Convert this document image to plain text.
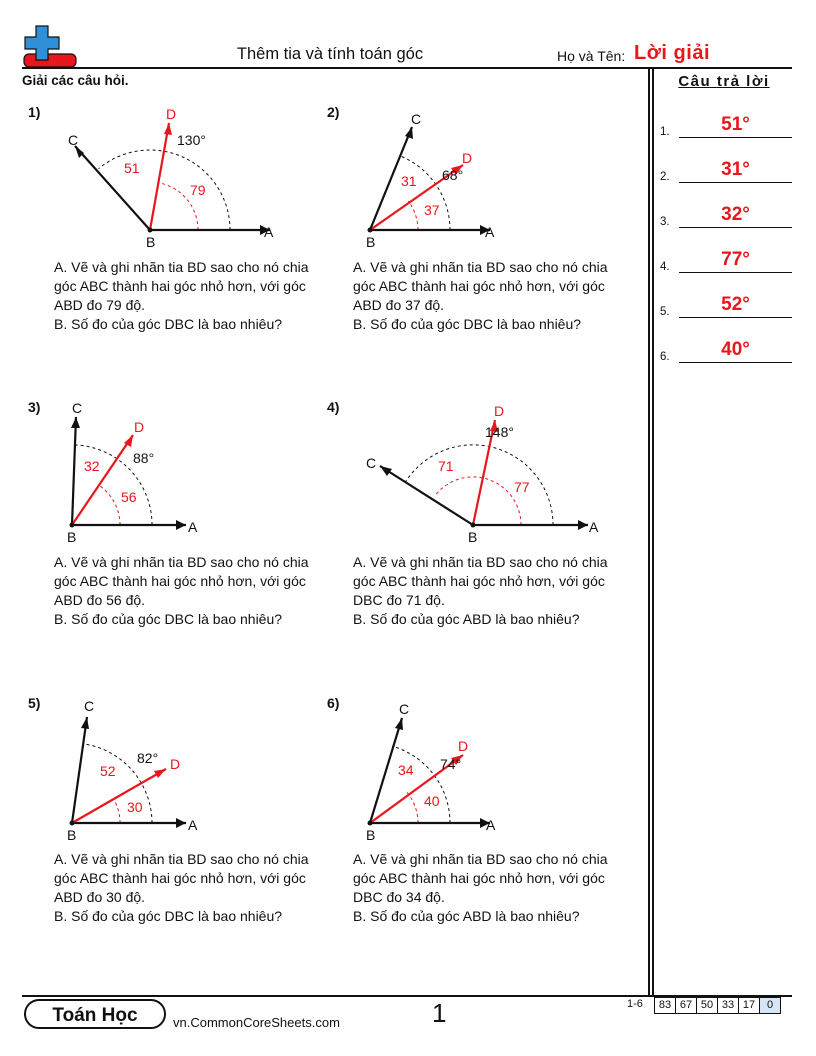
Thêm tia và tính toán góc	Họ và Tên: Lời giải
Giải các câu hỏi.	Câu trả lời
1.	51°
2.	31°
3.	32°
4.	77°
5.	52°
6.	40°
1)
A
B
C
D
130°
51
79
A. Vẽ và ghi nhãn tia BD sao cho nó chia góc ABC thành hai góc nhỏ hơn, với góc ABD đo 79 độ.
B. Số đo của góc DBC là bao nhiêu?
2)
A
B
C
D
68°
31
37
A. Vẽ và ghi nhãn tia BD sao cho nó chia góc ABC thành hai góc nhỏ hơn, với góc ABD đo 37 độ.
B. Số đo của góc DBC là bao nhiêu?
3)
A
B
C
D
88°
32
56
A. Vẽ và ghi nhãn tia BD sao cho nó chia góc ABC thành hai góc nhỏ hơn, với góc ABD đo 56 độ.
B. Số đo của góc DBC là bao nhiêu?
4)
A
B
C
D
148°
71
77
A. Vẽ và ghi nhãn tia BD sao cho nó chia góc ABC thành hai góc nhỏ hơn, với góc DBC đo 71 độ.
B. Số đo của góc ABD là bao nhiêu?
5)
A
B
C
D
82°
52
30
A. Vẽ và ghi nhãn tia BD sao cho nó chia góc ABC thành hai góc nhỏ hơn, với góc ABD đo 30 độ.
B. Số đo của góc DBC là bao nhiêu?
6)
A
B
C
D
74°
34
40
A. Vẽ và ghi nhãn tia BD sao cho nó chia góc ABC thành hai góc nhỏ hơn, với góc DBC đo 34 độ.
B. Số đo của góc ABD là bao nhiêu?
Toán Học	vn.CommonCoreSheets.com	1	1-6	83 67 50 33 17	0
